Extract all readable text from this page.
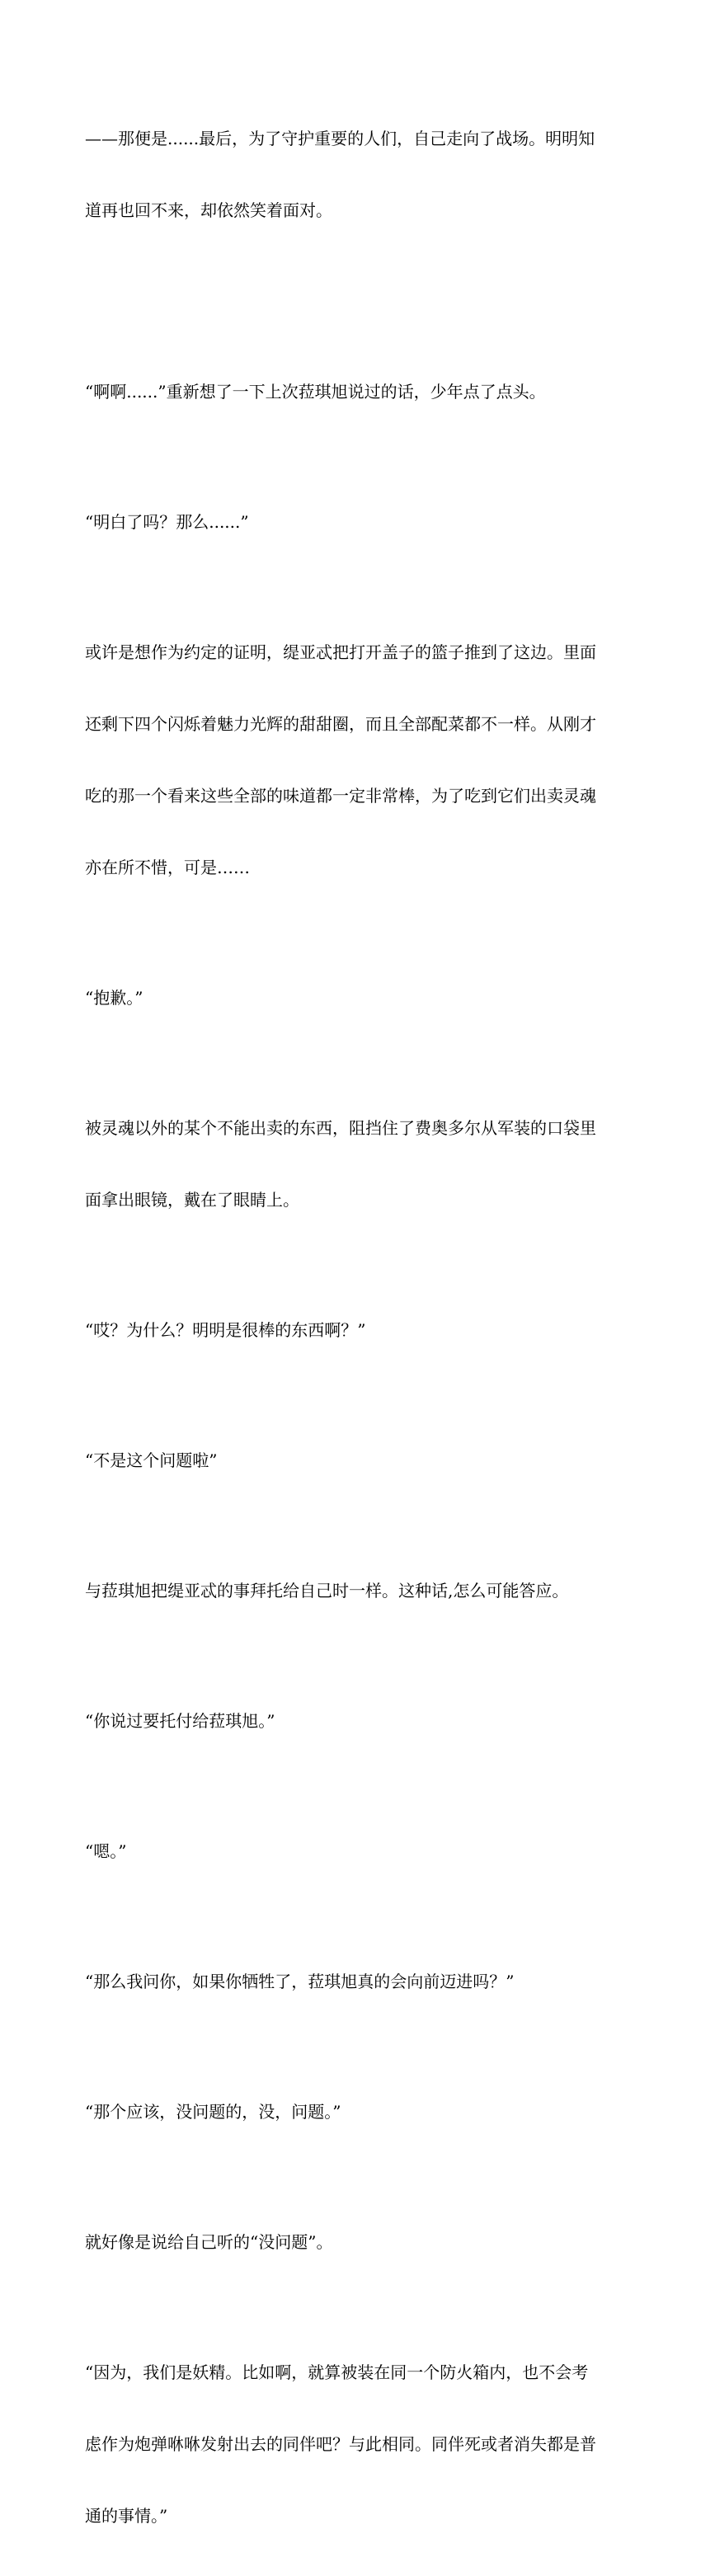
——那便是......最后，为了守护重要的人们，自己走向了战场。明明知

道再也回不来，却依然笑着面对。

“啊啊......”重新想了一下上次菈琪旭说过的话，少年点了点头。

“明白了吗？那么......”

或许是想作为约定的证明，缇亚忒把打开盖子的篮子推到了这边。里面

还剩下四个闪烁着魅力光辉的甜甜圈，而且全部配菜都不一样。从刚才

吃的那一个看来这些全部的味道都一定非常棒，为了吃到它们出卖灵魂

亦在所不惜，可是……

“抱歉。”

被灵魂以外的某个不能出卖的东西，阻挡住了费奥多尔从军装的口袋里

面拿出眼镜，戴在了眼睛上。

“哎？为什么？明明是很棒的东西啊？”

“不是这个问题啦”

与菈琪旭把缇亚忒的事拜托给自己时一样。这种话,怎么可能答应。

“你说过要托付给菈琪旭。”

“嗯。”

“那么我问你，如果你牺牲了，菈琪旭真的会向前迈进吗？”

“那个应该，没问题的，没，问题。”

就好像是说给自己听的“没问题”。

“因为，我们是妖精。比如啊，就算被装在同一个防火箱内，也不会考

虑作为炮弹咻咻发射出去的同伴吧？与此相同。同伴死或者消失都是普

通的事情。”
